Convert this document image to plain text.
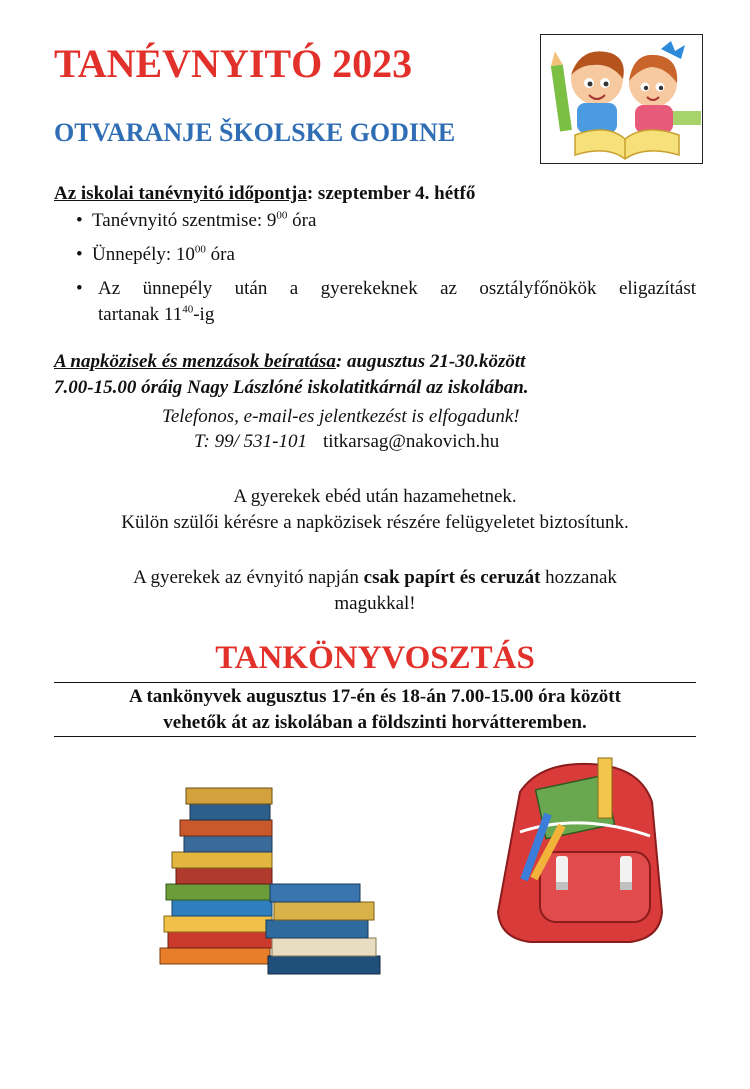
TANÉVNYITÓ 2023
OTVARANJE ŠKOLSKE GODINE
Az iskolai tanévnyitó időpontja: szeptember 4. hétfő
• Tanévnyitó szentmise: $9^{00}$ óra
• Ünnepély: $10^{00}$ óra
• Az ünnepély után a gyerekeknek az osztályfőnökök eligazítást
tartanak $11^{40}-ig$
A napközisek és menzások beíratása: augusztus 21-30.között
7.00-15.00 óráig Nagy Lászlóné iskolatitkárnál az iskolában.
Telefonos, e-mail-es jelentkezést is elfogadunk!
T: 99/ 531-101 titkarsag@nakovich.hu
A gyerekek ebéd után hazamehetnek.
Külön szülői kérésre a napközisek részére felügyeletet biztosítunk.
A gyerekek az évnyitó napján csak papírt és ceruzát hozzanak
magukkal!
TANKÖNYVOSZTÁS
A tankönyvek augusztus 17-én és 18-án 7.00-15.00 óra között
vehetők át az iskolában a földszinti horvátteremben.
